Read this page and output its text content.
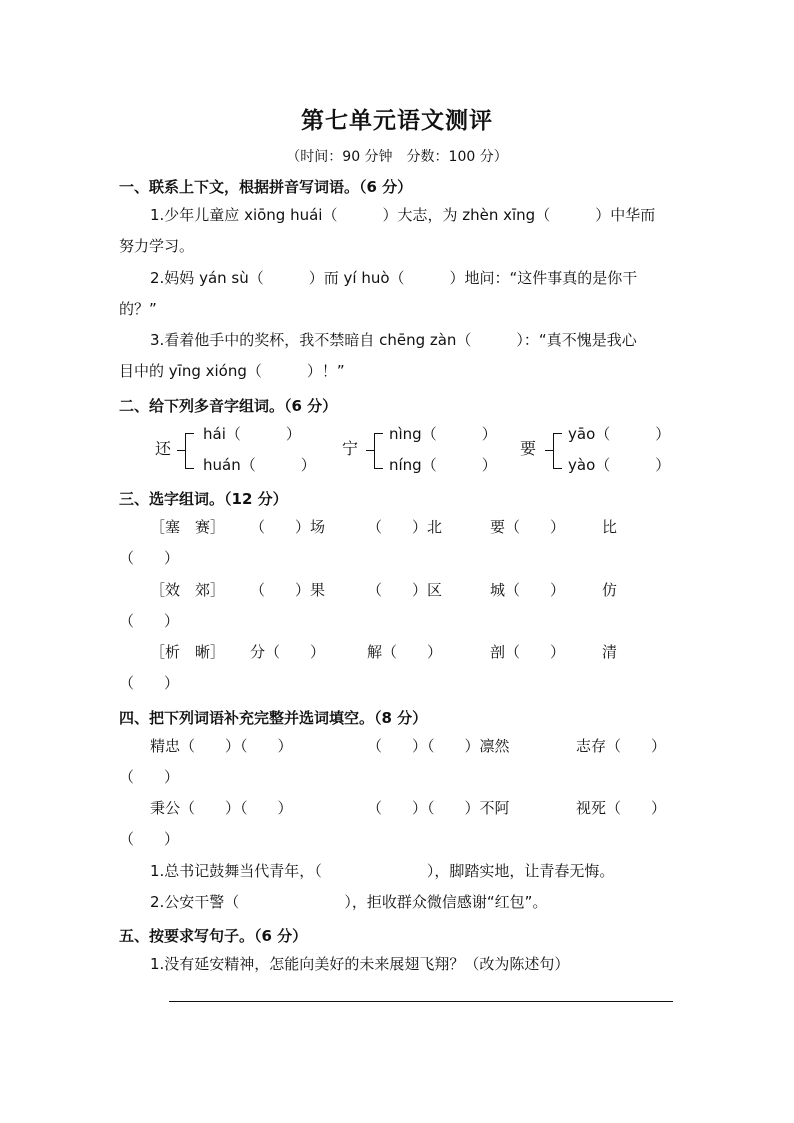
第七单元语文测评
（时间：90 分钟　分数：100 分）
一、联系上下文，根据拼音写词语。（6 分）
1.少年儿童应 xiōng huái（　　　）大志，为 zhèn xīng（　　　）中华而
努力学习。
2.妈妈 yán sù（　　　）而 yí huò（　　　）地问：“这件事真的是你干
的？”
3.看着他手中的奖杯，我不禁暗自 chēng zàn（　　　）：“真不愧是我心
目中的 yīng xióng（　　　）！”
二、给下列多音字组词。（6 分）
还
hái（　　　）
huán（　　　）
宁
nìng（　　　）
níng（　　　）
要
yāo（　　　）
yào（　　　）
三、选字组词。（12 分）
［塞　赛］ （　　）场	（　　）北	要（　　） 比
（　　）
［效　郊］ （　　）果	（　　）区	城（　　） 仿
（　　）
［析　晰］ 分（　　）	解（　　）	剖（　　） 清
（　　）
四、把下列词语补充完整并选词填空。（8 分）
精忠（　　）（　　）	（　　）（　　）凛然	志存（　　）
（　　）
秉公（　　）（　　）	（　　）（　　）不阿	视死（　　）
（　　）
1.总书记鼓舞当代青年，（　　　　　　　），脚踏实地，让青春无悔。
2.公安干警（　　　　　　　），拒收群众微信感谢“红包”。
五、按要求写句子。（6 分）
1.没有延安精神，怎能向美好的未来展翅飞翔？（改为陈述句）
